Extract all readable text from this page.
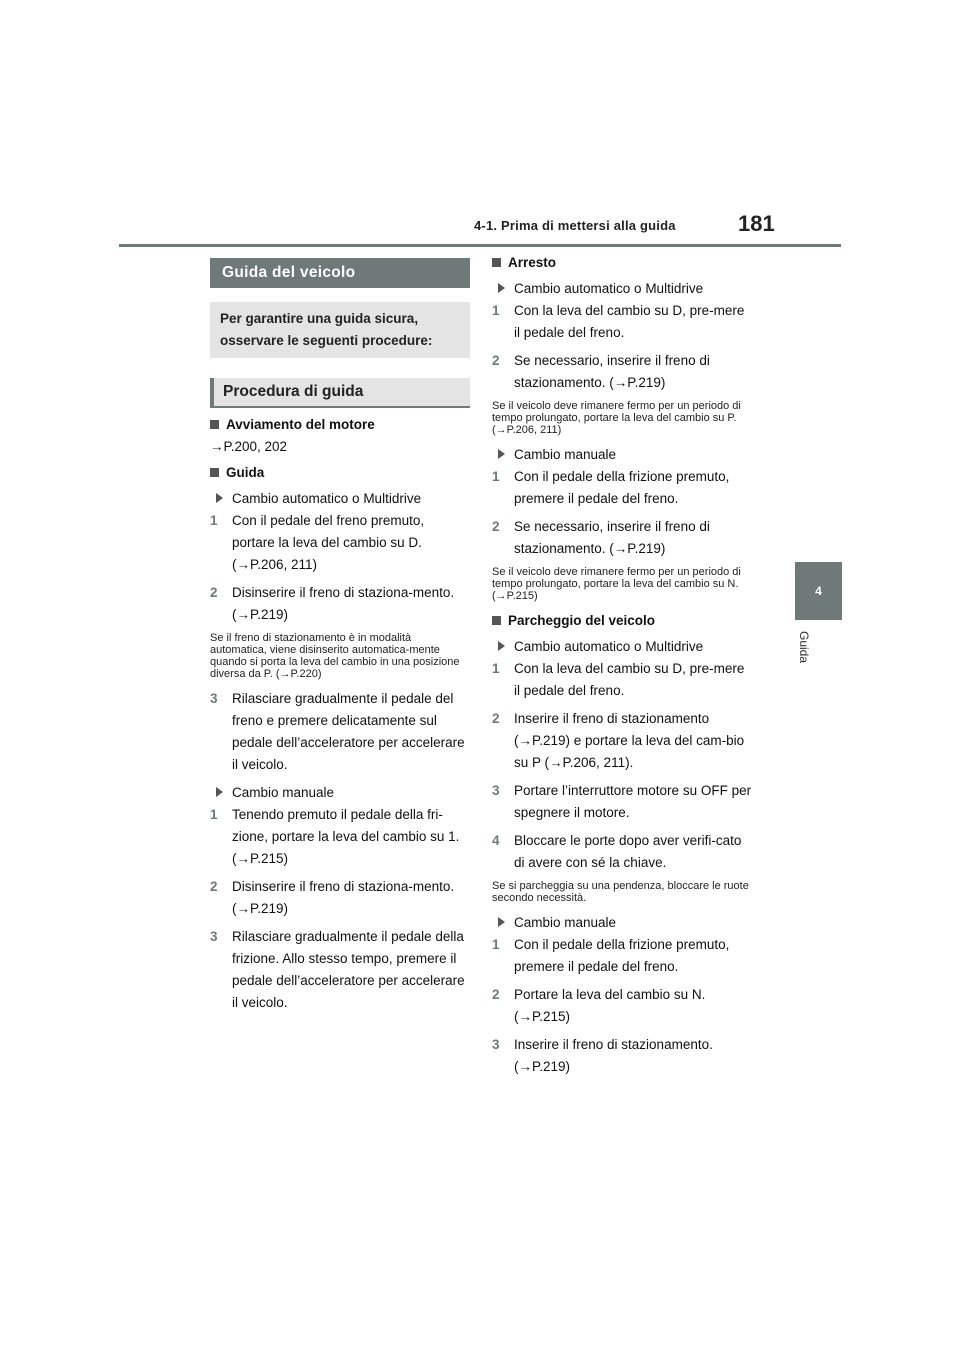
4-1. Prima di mettersi alla guida	181
4
Guida
Guida del veicolo
Per garantire una guida sicura, osservare le seguenti procedure:
Procedura di guida

Avviamento del motore

→P.200, 202

Guida

Cambio automatico o Multidrive

1	Con il pedale del freno premuto, portare la leva del cambio su D. (→P.206, 211)
2	Disinserire il freno di staziona-mento. (→P.219)

Se il freno di stazionamento è in modalità automatica, viene disinserito automatica-mente quando si porta la leva del cambio in una posizione diversa da P. (→P.220)

3	Rilasciare gradualmente il pedale del freno e premere delicatamente sul pedale dell’acceleratore per accelerare il veicolo.

Cambio manuale

1	Tenendo premuto il pedale della fri-zione, portare la leva del cambio su 1. (→P.215)
2	Disinserire il freno di staziona-mento. (→P.219)
3	Rilasciare gradualmente il pedale della frizione. Allo stesso tempo, premere il pedale dell’acceleratore per accelerare il veicolo.

Arresto

Cambio automatico o Multidrive

1	Con la leva del cambio su D, pre-mere il pedale del freno.
2	Se necessario, inserire il freno di stazionamento. (→P.219)

Se il veicolo deve rimanere fermo per un periodo di tempo prolungato, portare la leva del cambio su P. (→P.206, 211)

Cambio manuale

1	Con il pedale della frizione premuto, premere il pedale del freno.
2	Se necessario, inserire il freno di stazionamento. (→P.219)

Se il veicolo deve rimanere fermo per un periodo di tempo prolungato, portare la leva del cambio su N. (→P.215)

Parcheggio del veicolo

Cambio automatico o Multidrive

1	Con la leva del cambio su D, pre-mere il pedale del freno.
2	Inserire il freno di stazionamento (→P.219) e portare la leva del cam-bio su P (→P.206, 211).
3	Portare l’interruttore motore su OFF per spegnere il motore.
4	Bloccare le porte dopo aver verifi-cato di avere con sé la chiave.

Se si parcheggia su una pendenza, bloccare le ruote secondo necessità.

Cambio manuale

1	Con il pedale della frizione premuto, premere il pedale del freno.
2	Portare la leva del cambio su N. (→P.215)
3	Inserire il freno di stazionamento. (→P.219)
